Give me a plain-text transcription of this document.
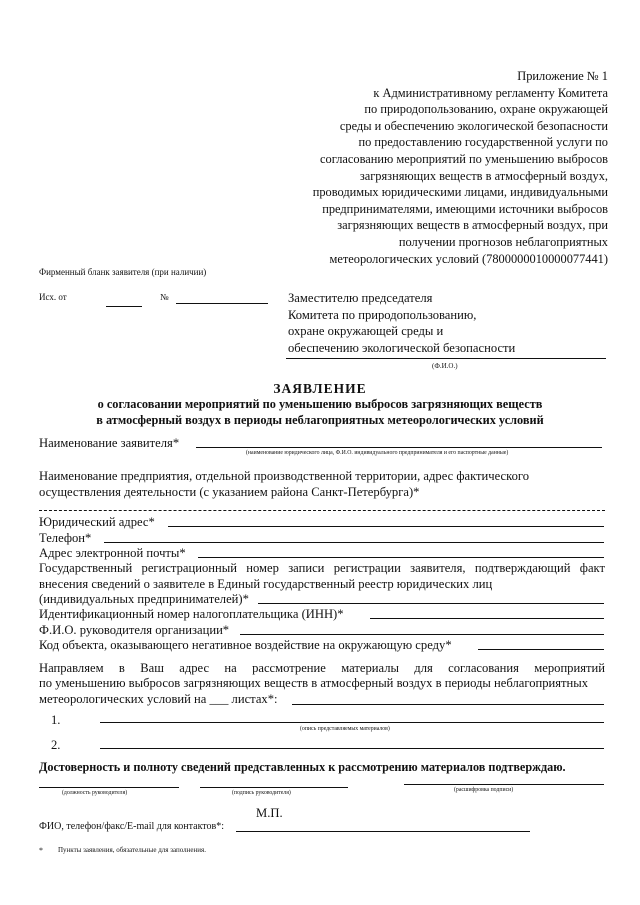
Приложение № 1
к Административному регламенту Комитета
по природопользованию, охране окружающей
среды и обеспечению экологической безопасности
по предоставлению государственной услуги по
согласованию мероприятий по уменьшению выбросов
загрязняющих веществ в атмосферный воздух,
проводимых юридическими лицами, индивидуальными
предпринимателями, имеющими источники выбросов
загрязняющих веществ в атмосферный воздух, при
получении прогнозов неблагоприятных
метеорологических условий (7800000010000077441)
Фирменный бланк заявителя (при наличии)
Исх. от	№	Заместителю председателя
Комитета по природопользованию,
охране окружающей среды и
обеспечению экологической безопасности
(Ф.И.О.)
ЗАЯВЛЕНИЕ
о согласовании мероприятий по уменьшению выбросов загрязняющих веществ
в атмосферный воздух в периоды неблагоприятных метеорологических условий
Наименование заявителя*
(наименование юридического лица, Ф.И.О. индивидуального предпринимателя и его паспортные данные)
Наименование предприятия, отдельной производственной территории, адрес фактического
осуществления деятельности (с указанием района Санкт-Петербурга)*
Юридический адрес*
Телефон*
Адрес электронной почты*
Государственный регистрационный номер записи регистрации заявителя, подтверждающий факт
внесения сведений о заявителе в Единый государственный реестр юридических лиц
(индивидуальных предпринимателей)*
Идентификационный номер налогоплательщика (ИНН)*
Ф.И.О. руководителя организации*
Код объекта, оказывающего негативное воздействие на окружающую среду*
Направляем в Ваш адрес на рассмотрение материалы для согласования мероприятий
по уменьшению выбросов загрязняющих веществ в атмосферный воздух в периоды неблагоприятных
метеорологических условий на ___ листах*:
1.
(опись представляемых материалов)
2.
Достоверность и полноту сведений представленных к рассмотрению материалов подтверждаю.
(должность руководителя)	(подпись руководителя)	(расшифровка подписи)
М.П.
ФИО, телефон/факс/E-mail для контактов*:
* Пункты заявления, обязательные для заполнения.
